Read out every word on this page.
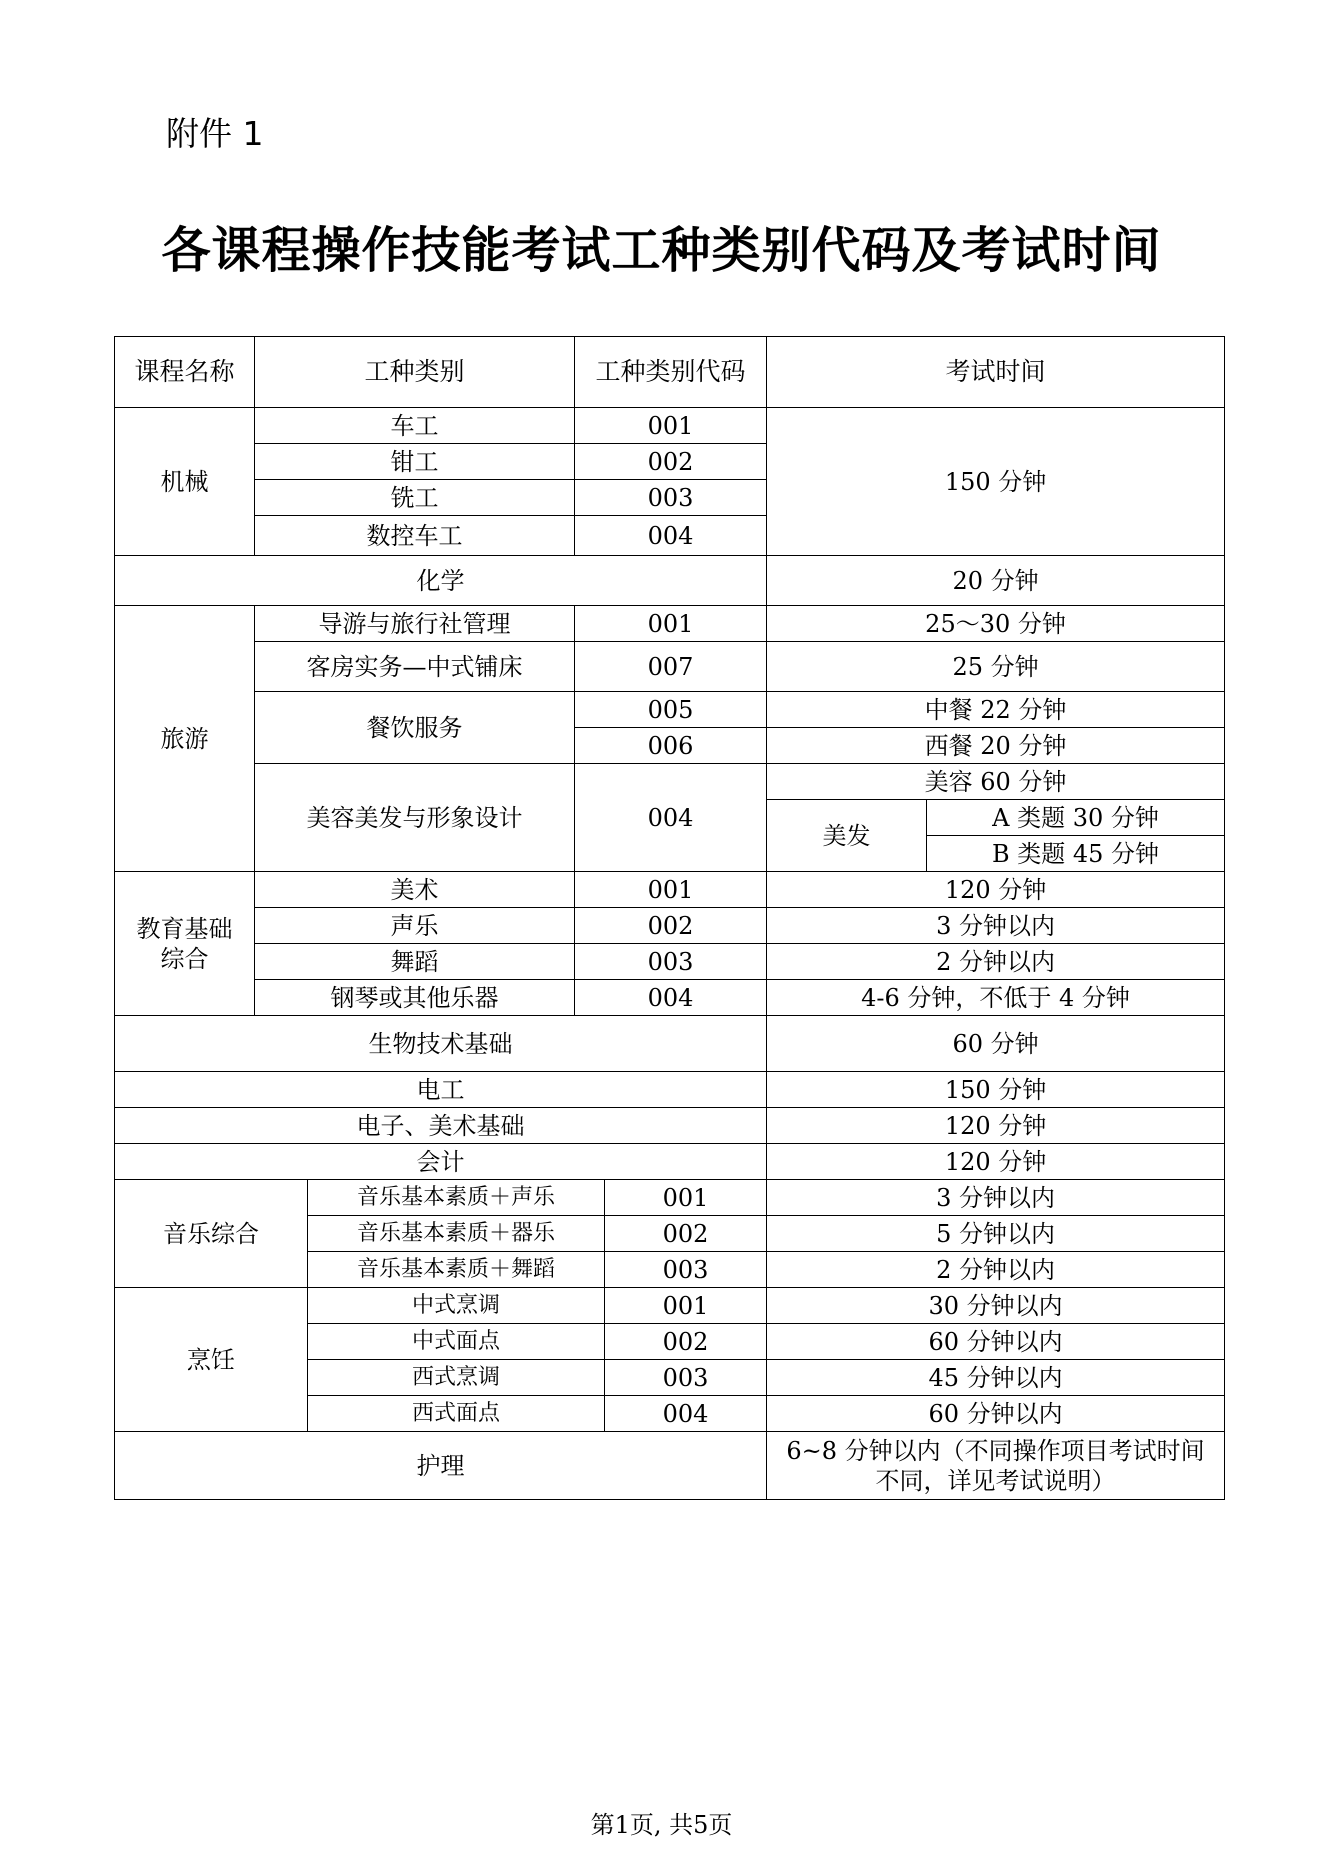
附件 1
各课程操作技能考试工种类别代码及考试时间
课程名称	工种类别		工种类别代码		考试时间	
机械	车工		001		150 分钟	
	钳工		002			
	铣工		003			
	数控车工		004			
化学					20 分钟	
旅游	导游与旅行社管理		001		25～30 分钟	
	客房实务—中式铺床		007		25 分钟	
	餐饮服务		005		中餐 22 分钟	
			006		西餐 20 分钟	
	美容美发与形象设计		004		美容 60 分钟	
					美发	A 类题 30 分钟
						B 类题 45 分钟

教育基础综合	美术		001		120 分钟	
	声乐		002		3 分钟以内	
	舞蹈		003		2 分钟以内	
	钢琴或其他乐器		004		4-6 分钟，不低于 4 分钟	
生物技术基础					60 分钟	
电工					150 分钟	
电子、美术基础					120 分钟	
会计					120 分钟	
音乐综合		音乐基本素质＋声乐		001	3 分钟以内	
		音乐基本素质＋器乐		002	5 分钟以内	
		音乐基本素质＋舞蹈		003	2 分钟以内	
烹饪		中式烹调		001	30 分钟以内	
		中式面点		002	60 分钟以内	
		西式烹调		003	45 分钟以内	
		西式面点		004	60 分钟以内	
护理					6~8 分钟以内（不同操作项目考试时间不同，详见考试说明）	
第1页, 共5页
